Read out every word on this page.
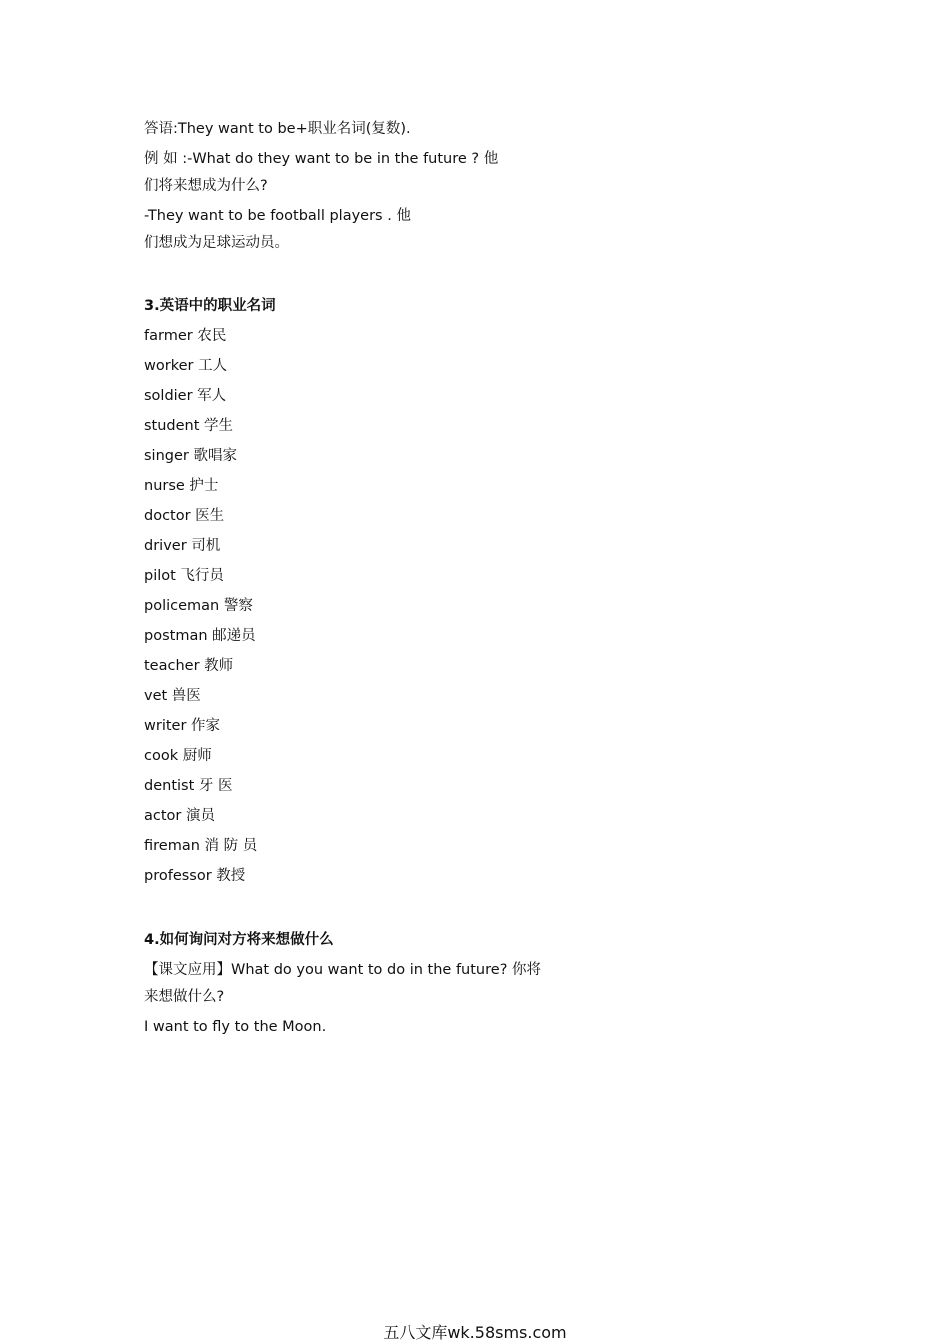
答语:They want to be+职业名词(复数).
例 如 :-What do they want to be in the future ? 他
们将来想成为什么?
-They want to be football players . 他
们想成为足球运动员。
3.英语中的职业名词
farmer 农民
worker 工人
soldier 军人
student 学生
singer 歌唱家
nurse 护士
doctor 医生
driver 司机
pilot 飞行员
policeman 警察
postman 邮递员
teacher 教师
vet 兽医
writer 作家
cook 厨师
dentist 牙 医
actor 演员
fireman 消 防 员
professor 教授
4.如何询问对方将来想做什么
【课文应用】What do you want to do in the future? 你将
来想做什么?
I want to fly to the Moon.
五八文库wk.58sms.com
